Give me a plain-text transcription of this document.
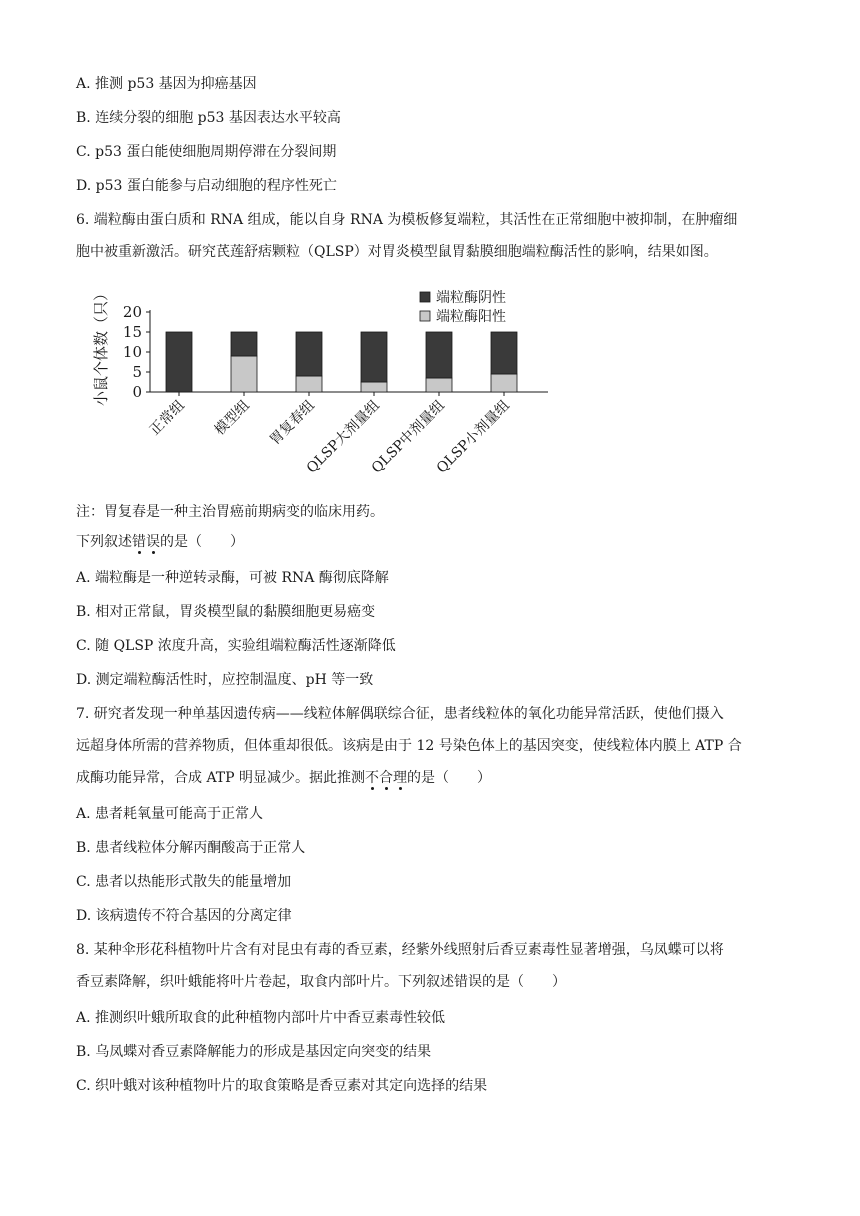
A. 推测 p53 基因为抑癌基因
B. 连续分裂的细胞 p53 基因表达水平较高
C. p53 蛋白能使细胞周期停滞在分裂间期
D. p53 蛋白能参与启动细胞的程序性死亡
6. 端粒酶由蛋白质和 RNA 组成，能以自身 RNA 为模板修复端粒，其活性在正常细胞中被抑制，在肿瘤细
胞中被重新激活。研究芪莲舒痞颗粒（QLSP）对胃炎模型鼠胃黏膜细胞端粒酶活性的影响，结果如图。
小鼠个体数（只） 0
5
10
15
20
正常组 模型组 胃复春组
QLSP大剂量组
QLSP中剂量组
QLSP小剂量组
端粒酶阴性
端粒酶阳性
注：胃复春是一种主治胃癌前期病变的临床用药。
下列叙述错误的是（　　）
A. 端粒酶是一种逆转录酶，可被 RNA 酶彻底降解
B. 相对正常鼠，胃炎模型鼠的黏膜细胞更易癌变
C. 随 QLSP 浓度升高，实验组端粒酶活性逐渐降低
D. 测定端粒酶活性时，应控制温度、pH 等一致
7. 研究者发现一种单基因遗传病——线粒体解偶联综合征，患者线粒体的氧化功能异常活跃，使他们摄入
远超身体所需的营养物质，但体重却很低。该病是由于 12 号染色体上的基因突变，使线粒体内膜上 ATP 合
成酶功能异常，合成 ATP 明显减少。据此推测不合理的是（　　）
A. 患者耗氧量可能高于正常人
B. 患者线粒体分解丙酮酸高于正常人
C. 患者以热能形式散失的能量增加
D. 该病遗传不符合基因的分离定律
8. 某种伞形花科植物叶片含有对昆虫有毒的香豆素，经紫外线照射后香豆素毒性显著增强，乌凤蝶可以将
香豆素降解，织叶蛾能将叶片卷起，取食内部叶片。下列叙述错误的是（　　）
A. 推测织叶蛾所取食的此种植物内部叶片中香豆素毒性较低
B. 乌凤蝶对香豆素降解能力的形成是基因定向突变的结果
C. 织叶蛾对该种植物叶片的取食策略是香豆素对其定向选择的结果
